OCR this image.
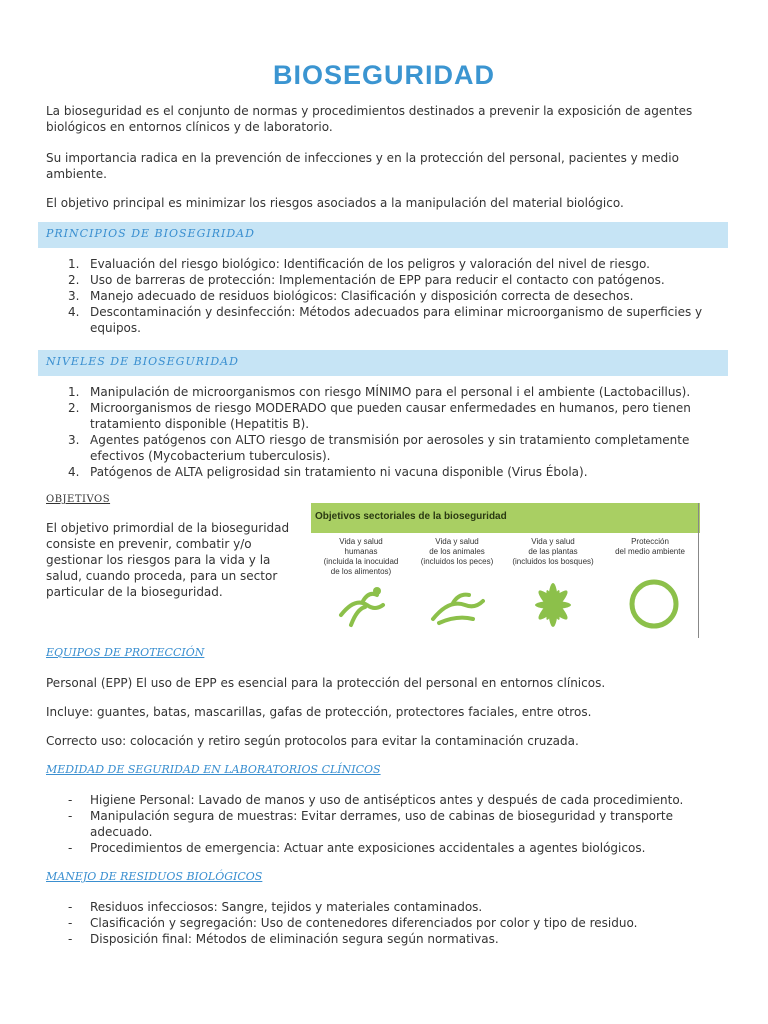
BIOSEGURIDAD

La bioseguridad es el conjunto de normas y procedimientos destinados a prevenir la exposición de agentes biológicos en entornos clínicos y de laboratorio.

Su importancia radica en la prevención de infecciones y en la protección del personal, pacientes y medio ambiente.

El objetivo principal es minimizar los riesgos asociados a la manipulación del material biológico.

PRINCIPIOS DE BIOSEGIRIDAD
1. Evaluación del riesgo biológico: Identificación de los peligros y valoración del nivel de riesgo.
2. Uso de barreras de protección: Implementación de EPP para reducir el contacto con patógenos.
3. Manejo adecuado de residuos biológicos: Clasificación y disposición correcta de desechos.
4. Descontaminación y desinfección: Métodos adecuados para eliminar microorganismo de superficies y equipos.
NIVELES DE BIOSEGURIDAD
1. Manipulación de microorganismos con riesgo MÍNIMO para el personal i el ambiente (Lactobacillus).
2. Microorganismos de riesgo MODERADO que pueden causar enfermedades en humanos, pero tienen tratamiento disponible (Hepatitis B).
3. Agentes patógenos con ALTO riesgo de transmisión por aerosoles y sin tratamiento completamente efectivos (Mycobacterium tuberculosis).
4. Patógenos de ALTA peligrosidad sin tratamiento ni vacuna disponible (Virus Ébola).
OBJETIVOS

El objetivo primordial de la bioseguridad consiste en prevenir, combatir y/o gestionar los riesgos para la vida y la salud, cuando proceda, para un sector particular de la bioseguridad.

Objetivos sectoriales de la bioseguridad
Vida y salud
humanas
(incluida la inocuidad
de los alimentos)
Vida y salud
de los animales
(incluidos los peces)
Vida y salud
de las plantas
(incluidos los bosques)
Protección
del medio ambiente
EQUIPOS DE PROTECCIÓN

Personal (EPP) El uso de EPP es esencial para la protección del personal en entornos clínicos.

Incluye: guantes, batas, mascarillas, gafas de protección, protectores faciales, entre otros.

Correcto uso: colocación y retiro según protocolos para evitar la contaminación cruzada.

MEDIDAD DE SEGURIDAD EN LABORATORIOS CLÍNICOS
- Higiene Personal: Lavado de manos y uso de antisépticos antes y después de cada procedimiento.
- Manipulación segura de muestras: Evitar derrames, uso de cabinas de bioseguridad y transporte adecuado.
- Procedimientos de emergencia: Actuar ante exposiciones accidentales a agentes biológicos.
MANEJO DE RESIDUOS BIOLÓGICOS
- Residuos infecciosos: Sangre, tejidos y materiales contaminados.
- Clasificación y segregación: Uso de contenedores diferenciados por color y tipo de residuo.
- Disposición final: Métodos de eliminación segura según normativas.
